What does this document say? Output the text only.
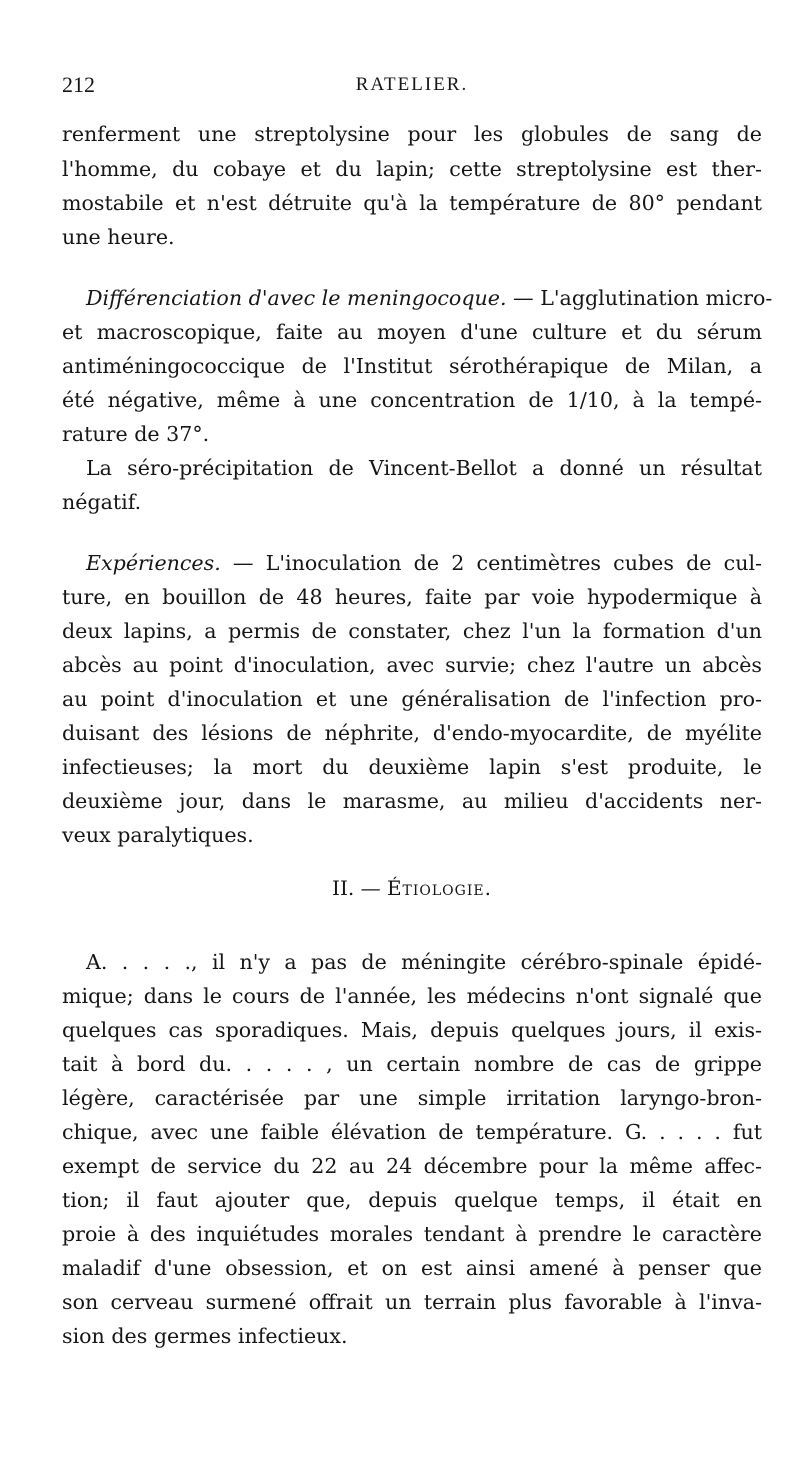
212	RATELIER.
renferment une streptolysine pour les globules de sang de
l'homme, du cobaye et du lapin; cette streptolysine est ther-
mostabile et n'est détruite qu'à la température de 80° pendant
une heure.
Différenciation d'avec le meningocoque. — L'agglutination micro-
et macroscopique, faite au moyen d'une culture et du sérum
antiméningococcique de l'Institut sérothérapique de Milan, a
été négative, même à une concentration de 1/10, à la tempé-
rature de 37°.
La séro-précipitation de Vincent-Bellot a donné un résultat
négatif.
Expériences. — L'inoculation de 2 centimètres cubes de cul-
ture, en bouillon de 48 heures, faite par voie hypodermique à
deux lapins, a permis de constater, chez l'un la formation d'un
abcès au point d'inoculation, avec survie; chez l'autre un abcès
au point d'inoculation et une généralisation de l'infection pro-
duisant des lésions de néphrite, d'endo-myocardite, de myélite
infectieuses; la mort du deuxième lapin s'est produite, le
deuxième jour, dans le marasme, au milieu d'accidents ner-
veux paralytiques.
II. — Étiologie.
A. . . . ., il n'y a pas de méningite cérébro-spinale épidé-
mique; dans le cours de l'année, les médecins n'ont signalé que
quelques cas sporadiques. Mais, depuis quelques jours, il exis-
tait à bord du. . . . . , un certain nombre de cas de grippe
légère, caractérisée par une simple irritation laryngo-bron-
chique, avec une faible élévation de température. G. . . . . fut
exempt de service du 22 au 24 décembre pour la même affec-
tion; il faut ajouter que, depuis quelque temps, il était en
proie à des inquiétudes morales tendant à prendre le caractère
maladif d'une obsession, et on est ainsi amené à penser que
son cerveau surmené offrait un terrain plus favorable à l'inva-
sion des germes infectieux.
